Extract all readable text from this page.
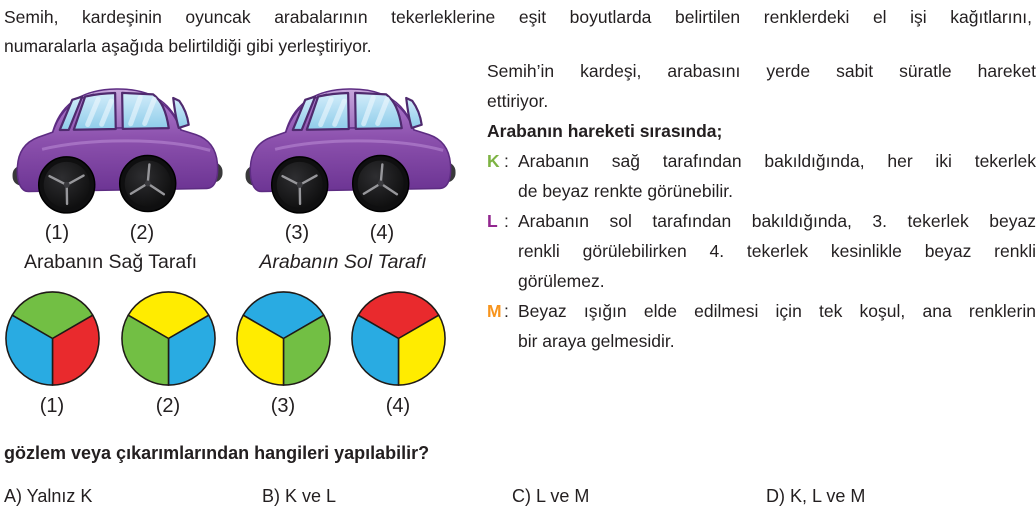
Semih, kardeşinin oyuncak arabalarının tekerleklerine eşit boyutlarda belirtilen renklerdeki el işi kağıtlarını,
numaralarla aşağıda belirtildiği gibi yerleştiriyor.
(1)	(2)	(3)	(4)
Arabanın Sağ Tarafı	Arabanın Sol Tarafı
(1)	(2)	(3)	(4)
Semih’in kardeşi, arabasını yerde sabit süratle hareket
ettiriyor.
Arabanın hareketi sırasında;
K : Arabanın sağ tarafından bakıldığında, her iki tekerlek
de beyaz renkte görünebilir.
L : Arabanın sol tarafından bakıldığında, 3. tekerlek beyaz
renkli görülebilirken 4. tekerlek kesinlikle beyaz renkli
görülemez.
M : Beyaz ışığın elde edilmesi için tek koşul, ana renklerin
bir araya gelmesidir.
gözlem veya çıkarımlarından hangileri yapılabilir?
A) Yalnız K	B) K ve L	C) L ve M	D) K, L ve M
